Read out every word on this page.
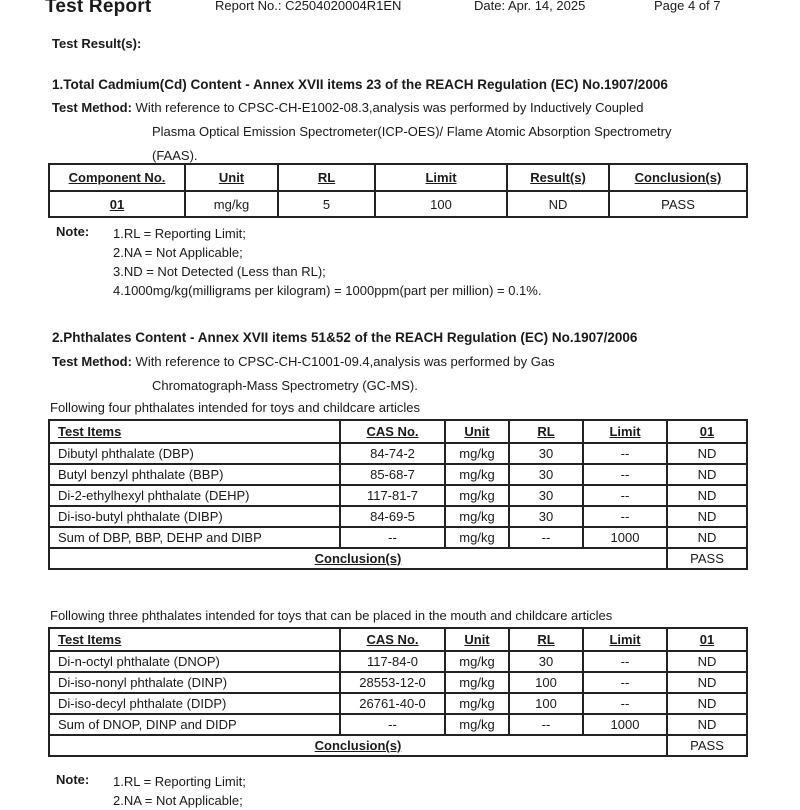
Test Report	Report No.: C2504020004R1EN	Date: Apr. 14, 2025	Page 4 of 7
Test Result(s):
1.Total Cadmium(Cd) Content - Annex XVII items 23 of the REACH Regulation (EC) No.1907/2006
Test Method: With reference to CPSC-CH-E1002-08.3,analysis was performed by Inductively Coupled
Plasma Optical Emission Spectrometer(ICP-OES)/ Flame Atomic Absorption Spectrometry
(FAAS).
Component No.	Unit	RL	Limit	Result(s)	Conclusion(s)
01	mg/kg	5	100	ND	PASS
Note: 1.RL = Reporting Limit;
2.NA = Not Applicable;
3.ND = Not Detected (Less than RL);
4.1000mg/kg(milligrams per kilogram) = 1000ppm(part per million) = 0.1%.
2.Phthalates Content - Annex XVII items 51&52 of the REACH Regulation (EC) No.1907/2006
Test Method: With reference to CPSC-CH-C1001-09.4,analysis was performed by Gas
Chromatograph-Mass Spectrometry (GC-MS).
Following four phthalates intended for toys and childcare articles
Test Items	CAS No.	Unit	RL	Limit	01
Dibutyl phthalate (DBP)	84-74-2	mg/kg	30	--	ND
Butyl benzyl phthalate (BBP)	85-68-7	mg/kg	30	--	ND
Di-2-ethylhexyl phthalate (DEHP)	117-81-7	mg/kg	30	--	ND
Di-iso-butyl phthalate (DIBP)	84-69-5	mg/kg	30	--	ND
Sum of DBP, BBP, DEHP and DIBP	--	mg/kg	--	1000	ND
Conclusion(s)					PASS
Following three phthalates intended for toys that can be placed in the mouth and childcare articles
Test Items	CAS No.	Unit	RL	Limit	01
Di-n-octyl phthalate (DNOP)	117-84-0	mg/kg	30	--	ND
Di-iso-nonyl phthalate (DINP)	28553-12-0	mg/kg	100	--	ND
Di-iso-decyl phthalate (DIDP)	26761-40-0	mg/kg	100	--	ND
Sum of DNOP, DINP and DIDP	--	mg/kg	--	1000	ND
Conclusion(s)					PASS
Note: 1.RL = Reporting Limit;
2.NA = Not Applicable;
